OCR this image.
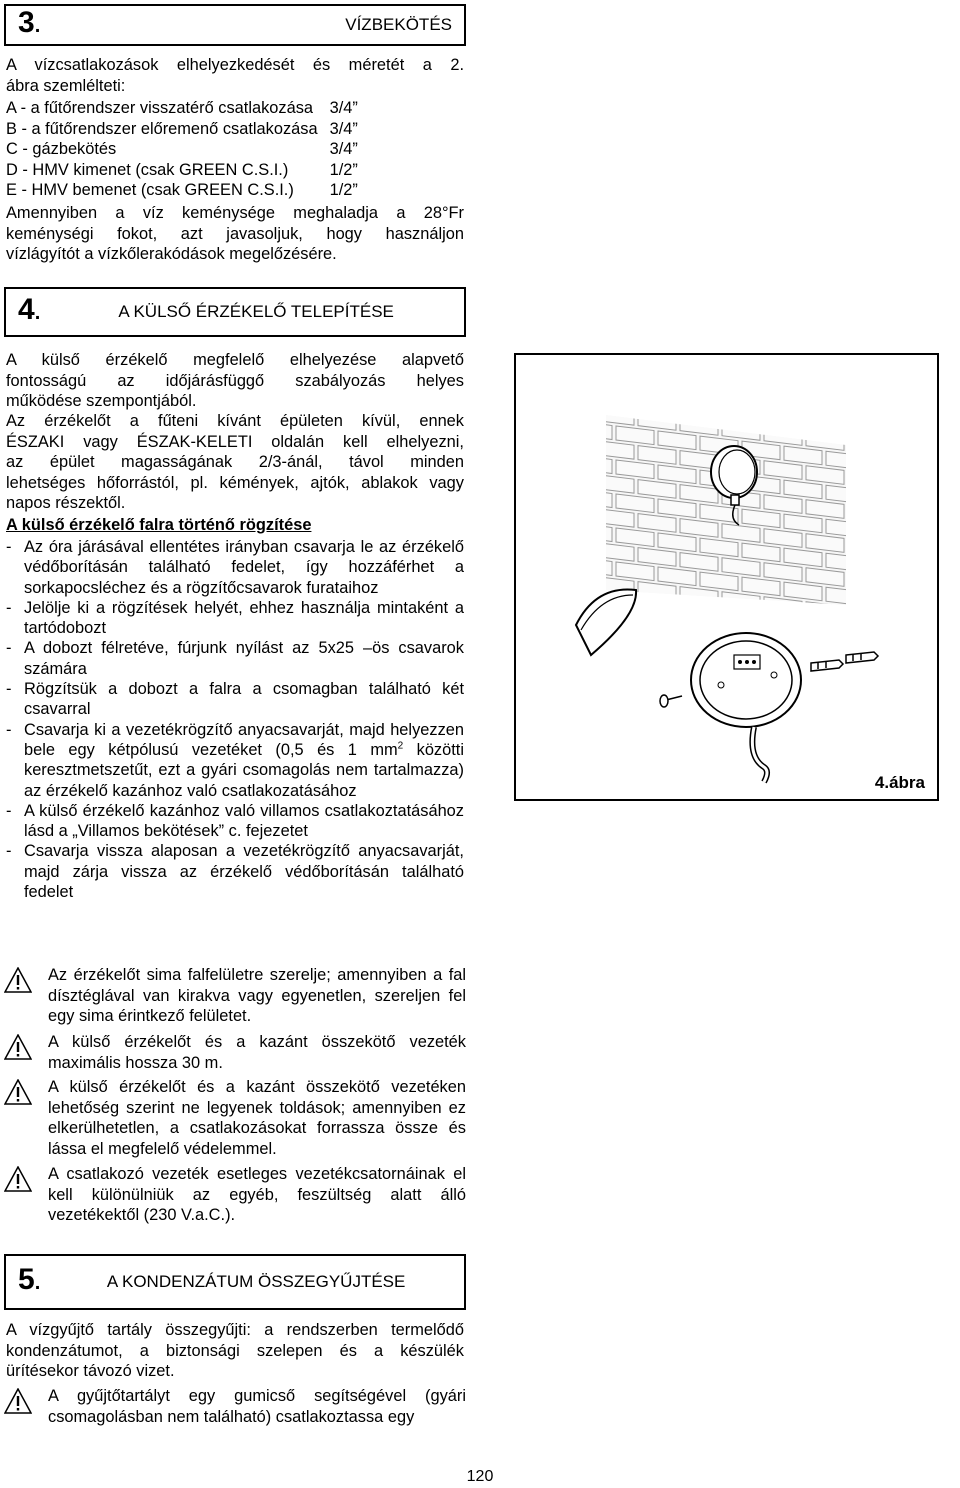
3.	VÍZBEKÖTÉS
A vízcsatlakozások elhelyezkedését és méretét a 2.
ábra szemlélteti:
A - a fűtőrendszer visszatérő csatlakozása	3/4”
B - a fűtőrendszer előremenő csatlakozása	3/4”
C - gázbekötés	3/4”
D - HMV kimenet (csak GREEN C.S.I.)	1/2”
E - HMV bemenet (csak GREEN C.S.I.)	1/2”
Amennyiben a víz keménysége meghaladja a 28°Fr
keménységi fokot, azt javasoljuk, hogy használjon
vízlágyítót a vízkőlerakódások megelőzésére.
4.	A KÜLSŐ ÉRZÉKELŐ TELEPÍTÉSE
A külső érzékelő megfelelő elhelyezése alapvető
fontosságú az időjárásfüggő szabályozás helyes
működése szempontjából.
Az érzékelőt a fűteni kívánt épületen kívül, ennek
ÉSZAKI vagy ÉSZAK-KELETI oldalán kell elhelyezni,
az épület magasságának 2/3-ánál, távol minden
lehetséges hőforrástól, pl. kémények, ajtók, ablakok vagy
napos részektől.
A külső érzékelő falra történő rögzítése
- Az óra járásával ellentétes irányban csavarja le az érzékelő védőborításán található fedelet, így hozzáférhet a sorkapocsléchez és a rögzítőcsavarok furataihoz
- Jelölje ki a rögzítések helyét, ehhez használja mintaként a tartódobozt
- A dobozt félretéve, fúrjunk nyílást az 5x25 –ös csavarok számára
- Rögzítsük a dobozt a falra a csomagban található két csavarral
- Csavarja ki a vezetékrögzítő anyacsavarját, majd helyezzen bele egy kétpólusú vezetéket (0,5 és 1 $mm^2$ közötti keresztmetszetűt, ezt a gyári csomagolás nem tartalmazza) az érzékelő kazánhoz való csatlakozatásához
- A külső érzékelő kazánhoz való villamos csatlakoztatásához lásd a „Villamos bekötések” c. fejezetet
- Csavarja vissza alaposan a vezetékrögzítő anyacsavarját, majd zárja vissza az érzékelő védőborításán található fedelet
Az érzékelőt sima falfelületre szerelje; amennyiben a fal dísztéglával van kirakva vagy egyenetlen, szereljen fel egy sima érintkező felületet.
A külső érzékelőt és a kazánt összekötő vezeték maximális hossza 30 m.
A külső érzékelőt és a kazánt összekötő vezetéken lehetőség szerint ne legyenek toldások; amennyiben ez elkerülhetetlen, a csatlakozásokat forrassza össze és lássa el megfelelő védelemmel.
A csatlakozó vezeték esetleges vezetékcsatornáinak el kell különülniük az egyéb, feszültség alatt álló vezetékektől (230 V.a.C.).
4.ábra
5.	A KONDENZÁTUM ÖSSZEGYŰJTÉSE
A vízgyűjtő tartály összegyűjti: a rendszerben termelődő
kondenzátumot, a biztonsági szelepen és a készülék
ürítésekor távozó vizet.
A gyűjtőtartályt egy gumicső segítségével (gyári csomagolásban nem található) csatlakoztassa egy
120
